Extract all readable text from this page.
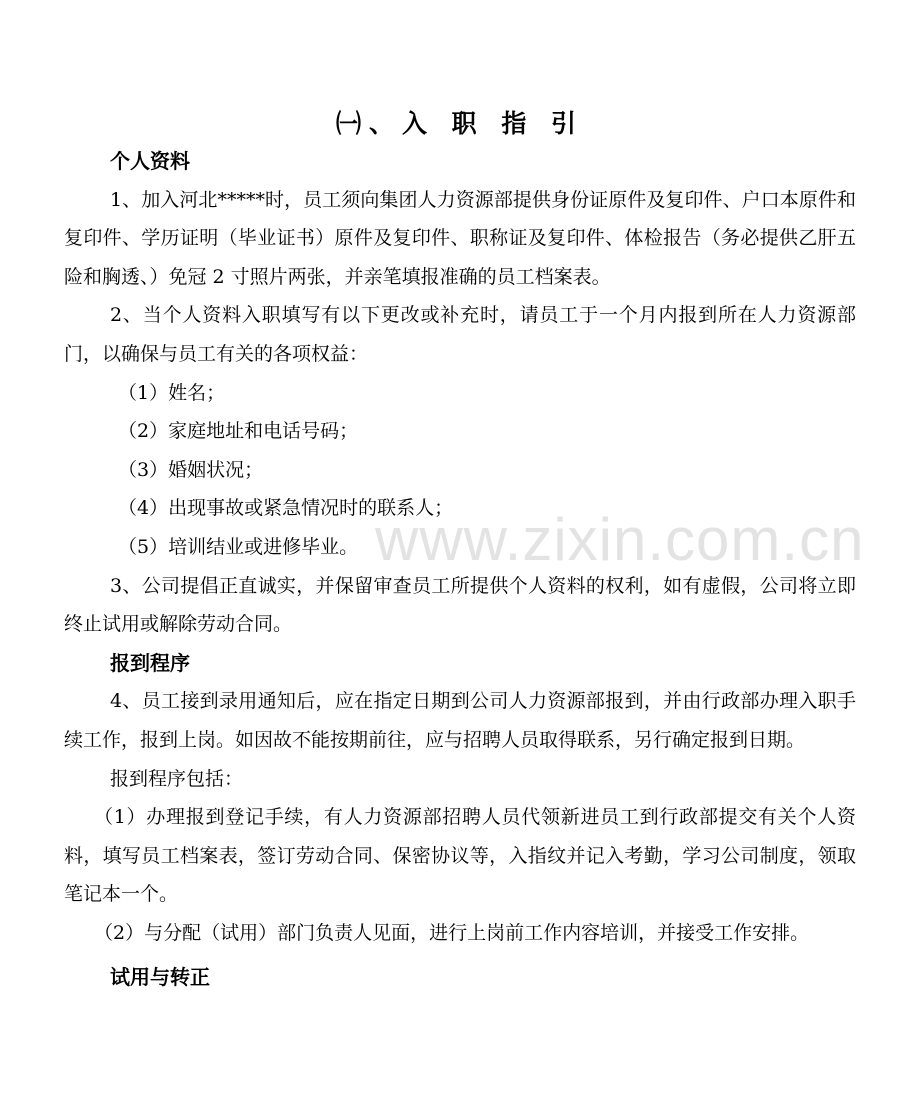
㈠、入 职 指 引

个人资料

1、加入河北*****时，员工须向集团人力资源部提供身份证原件及复印件、户口本原件和复印件、学历证明（毕业证书）原件及复印件、职称证及复印件、体检报告（务必提供乙肝五险和胸透、）免冠 2 寸照片两张，并亲笔填报准确的员工档案表。

2、当个人资料入职填写有以下更改或补充时，请员工于一个月内报到所在人力资源部门，以确保与员工有关的各项权益：

（1）姓名；

（2）家庭地址和电话号码；

（3）婚姻状况；

（4）出现事故或紧急情况时的联系人；

（5）培训结业或进修毕业。

3、公司提倡正直诚实，并保留审查员工所提供个人资料的权利，如有虚假，公司将立即终止试用或解除劳动合同。

报到程序

4、员工接到录用通知后，应在指定日期到公司人力资源部报到，并由行政部办理入职手续工作，报到上岗。如因故不能按期前往，应与招聘人员取得联系，另行确定报到日期。

报到程序包括：

（1）办理报到登记手续，有人力资源部招聘人员代领新进员工到行政部提交有关个人资料，填写员工档案表，签订劳动合同、保密协议等，入指纹并记入考勤，学习公司制度，领取笔记本一个。

（2）与分配（试用）部门负责人见面，进行上岗前工作内容培训，并接受工作安排。

试用与转正

www.zixin.com.cn
